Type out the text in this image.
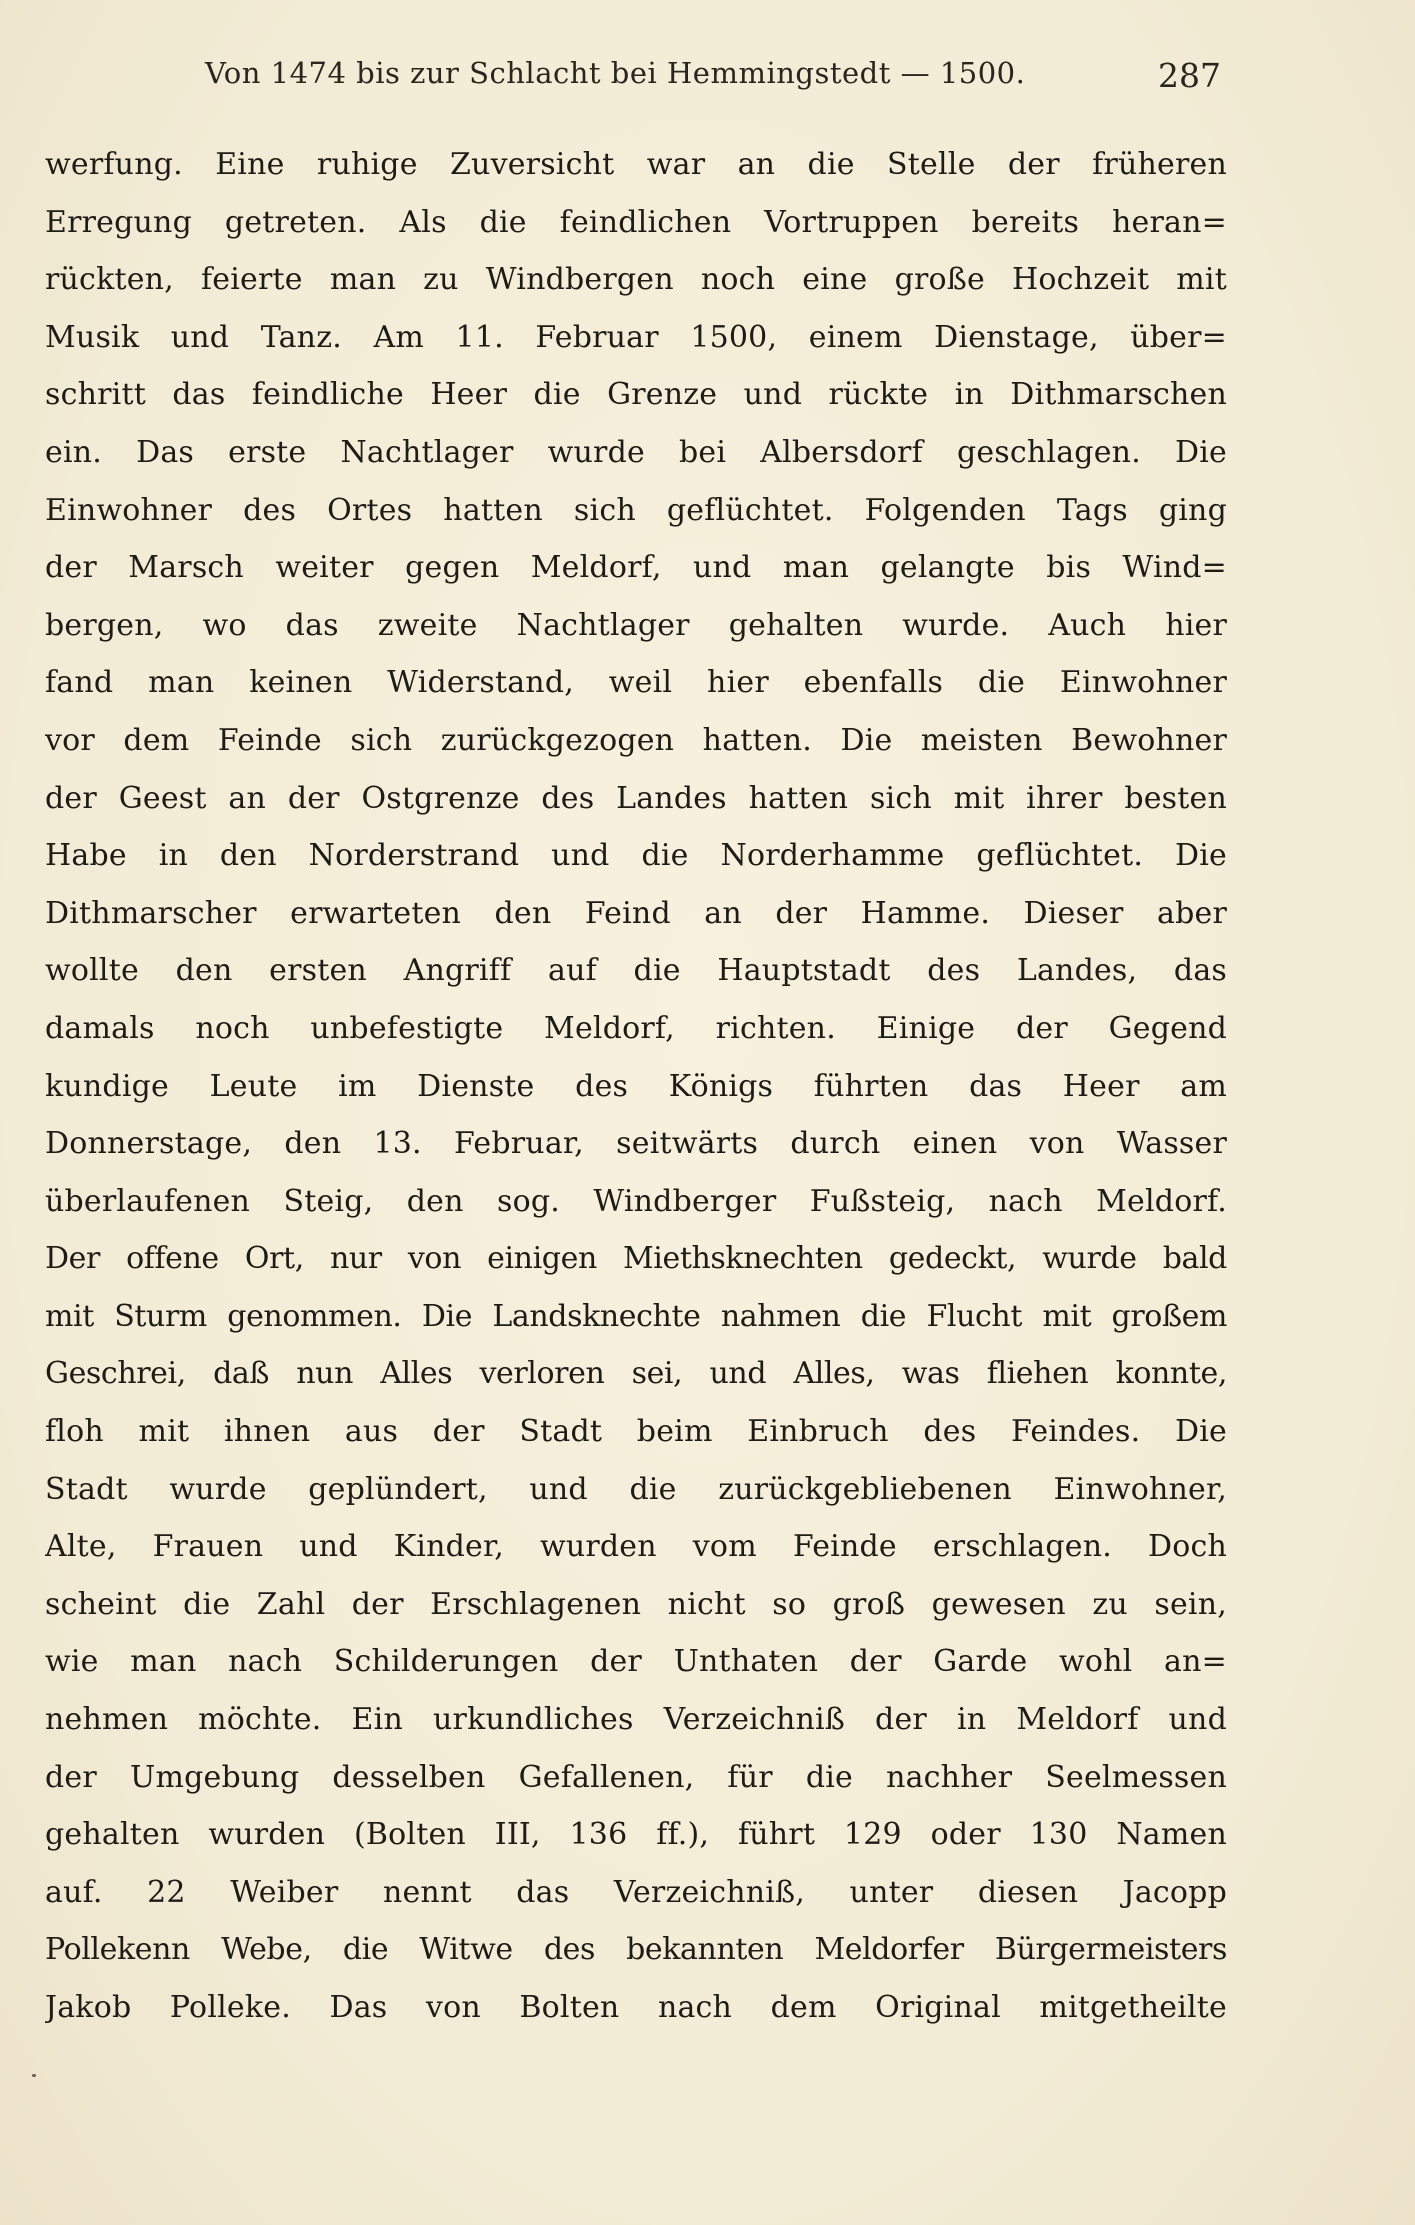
Von 1474 bis zur Schlacht bei Hemmingstedt — 1500.	287
werfung. Eine ruhige Zuversicht war an die Stelle der früheren
Erregung getreten. Als die feindlichen Vortruppen bereits heran=
rückten, feierte man zu Windbergen noch eine große Hochzeit mit
Musik und Tanz. Am 11. Februar 1500, einem Dienstage, über=
schritt das feindliche Heer die Grenze und rückte in Dithmarschen
ein. Das erste Nachtlager wurde bei Albersdorf geschlagen. Die
Einwohner des Ortes hatten sich geflüchtet. Folgenden Tags ging
der Marsch weiter gegen Meldorf, und man gelangte bis Wind=
bergen, wo das zweite Nachtlager gehalten wurde. Auch hier
fand man keinen Widerstand, weil hier ebenfalls die Einwohner
vor dem Feinde sich zurückgezogen hatten. Die meisten Bewohner
der Geest an der Ostgrenze des Landes hatten sich mit ihrer besten
Habe in den Norderstrand und die Norderhamme geflüchtet. Die
Dithmarscher erwarteten den Feind an der Hamme. Dieser aber
wollte den ersten Angriff auf die Hauptstadt des Landes, das
damals noch unbefestigte Meldorf, richten. Einige der Gegend
kundige Leute im Dienste des Königs führten das Heer am
Donnerstage, den 13. Februar, seitwärts durch einen von Wasser
überlaufenen Steig, den sog. Windberger Fußsteig, nach Meldorf.
Der offene Ort, nur von einigen Miethsknechten gedeckt, wurde bald
mit Sturm genommen. Die Landsknechte nahmen die Flucht mit großem
Geschrei, daß nun Alles verloren sei, und Alles, was fliehen konnte,
floh mit ihnen aus der Stadt beim Einbruch des Feindes. Die
Stadt wurde geplündert, und die zurückgebliebenen Einwohner,
Alte, Frauen und Kinder, wurden vom Feinde erschlagen. Doch
scheint die Zahl der Erschlagenen nicht so groß gewesen zu sein,
wie man nach Schilderungen der Unthaten der Garde wohl an=
nehmen möchte. Ein urkundliches Verzeichniß der in Meldorf und
der Umgebung desselben Gefallenen, für die nachher Seelmessen
gehalten wurden (Bolten III, 136 ff.), führt 129 oder 130 Namen
auf. 22 Weiber nennt das Verzeichniß, unter diesen Jacopp
Pollekenn Webe, die Witwe des bekannten Meldorfer Bürgermeisters
Jakob Polleke. Das von Bolten nach dem Original mitgetheilte
